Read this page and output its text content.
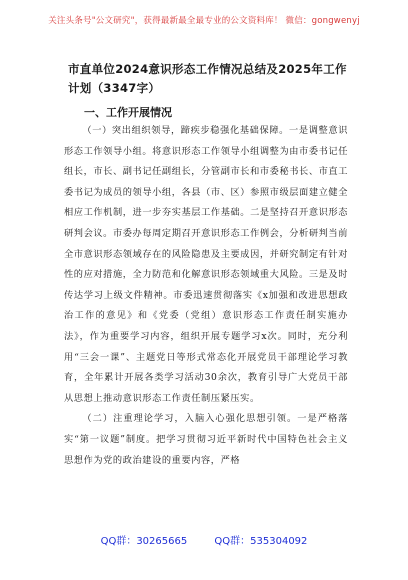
关注头条号"公文研究"，获得最新最全最专业的公文资料库！ 微信：gongwenyj
市直单位2024意识形态工作情况总结及2025年工作计划（3347字）
一、工作开展情况

（一）突出组织领导，蹄疾步稳强化基础保障。一是调整意识形态工作领导小组。将意识形态工作领导小组调整为由市委书记任组长，市长、副书记任副组长，分管副市长和市委秘书长、市直工委书记为成员的领导小组，各县（市、区）参照市级层面建立健全相应工作机制，进一步夯实基层工作基础。二是坚持召开意识形态研判会议。市委办每周定期召开意识形态工作例会，分析研判当前全市意识形态领域存在的风险隐患及主要成因，并研究制定有针对性的应对措施，全力防范和化解意识形态领域重大风险。三是及时传达学习上级文件精神。市委迅速贯彻落实《x加强和改进思想政治工作的意见》和《党委（党组）意识形态工作责任制实施办法》，作为重要学习内容，组织开展专题学习x次。同时，充分利用“三会一课”、主题党日等形式常态化开展党员干部理论学习教育，全年累计开展各类学习活动30余次，教育引导广大党员干部从思想上推动意识形态工作责任制压紧压实。

（二）注重理论学习，入脑入心强化思想引领。一是严格落实“第一议题”制度。把学习贯彻习近平新时代中国特色社会主义思想作为党的政治建设的重要内容，严格

QQ群：30265665	QQ群：535304092
